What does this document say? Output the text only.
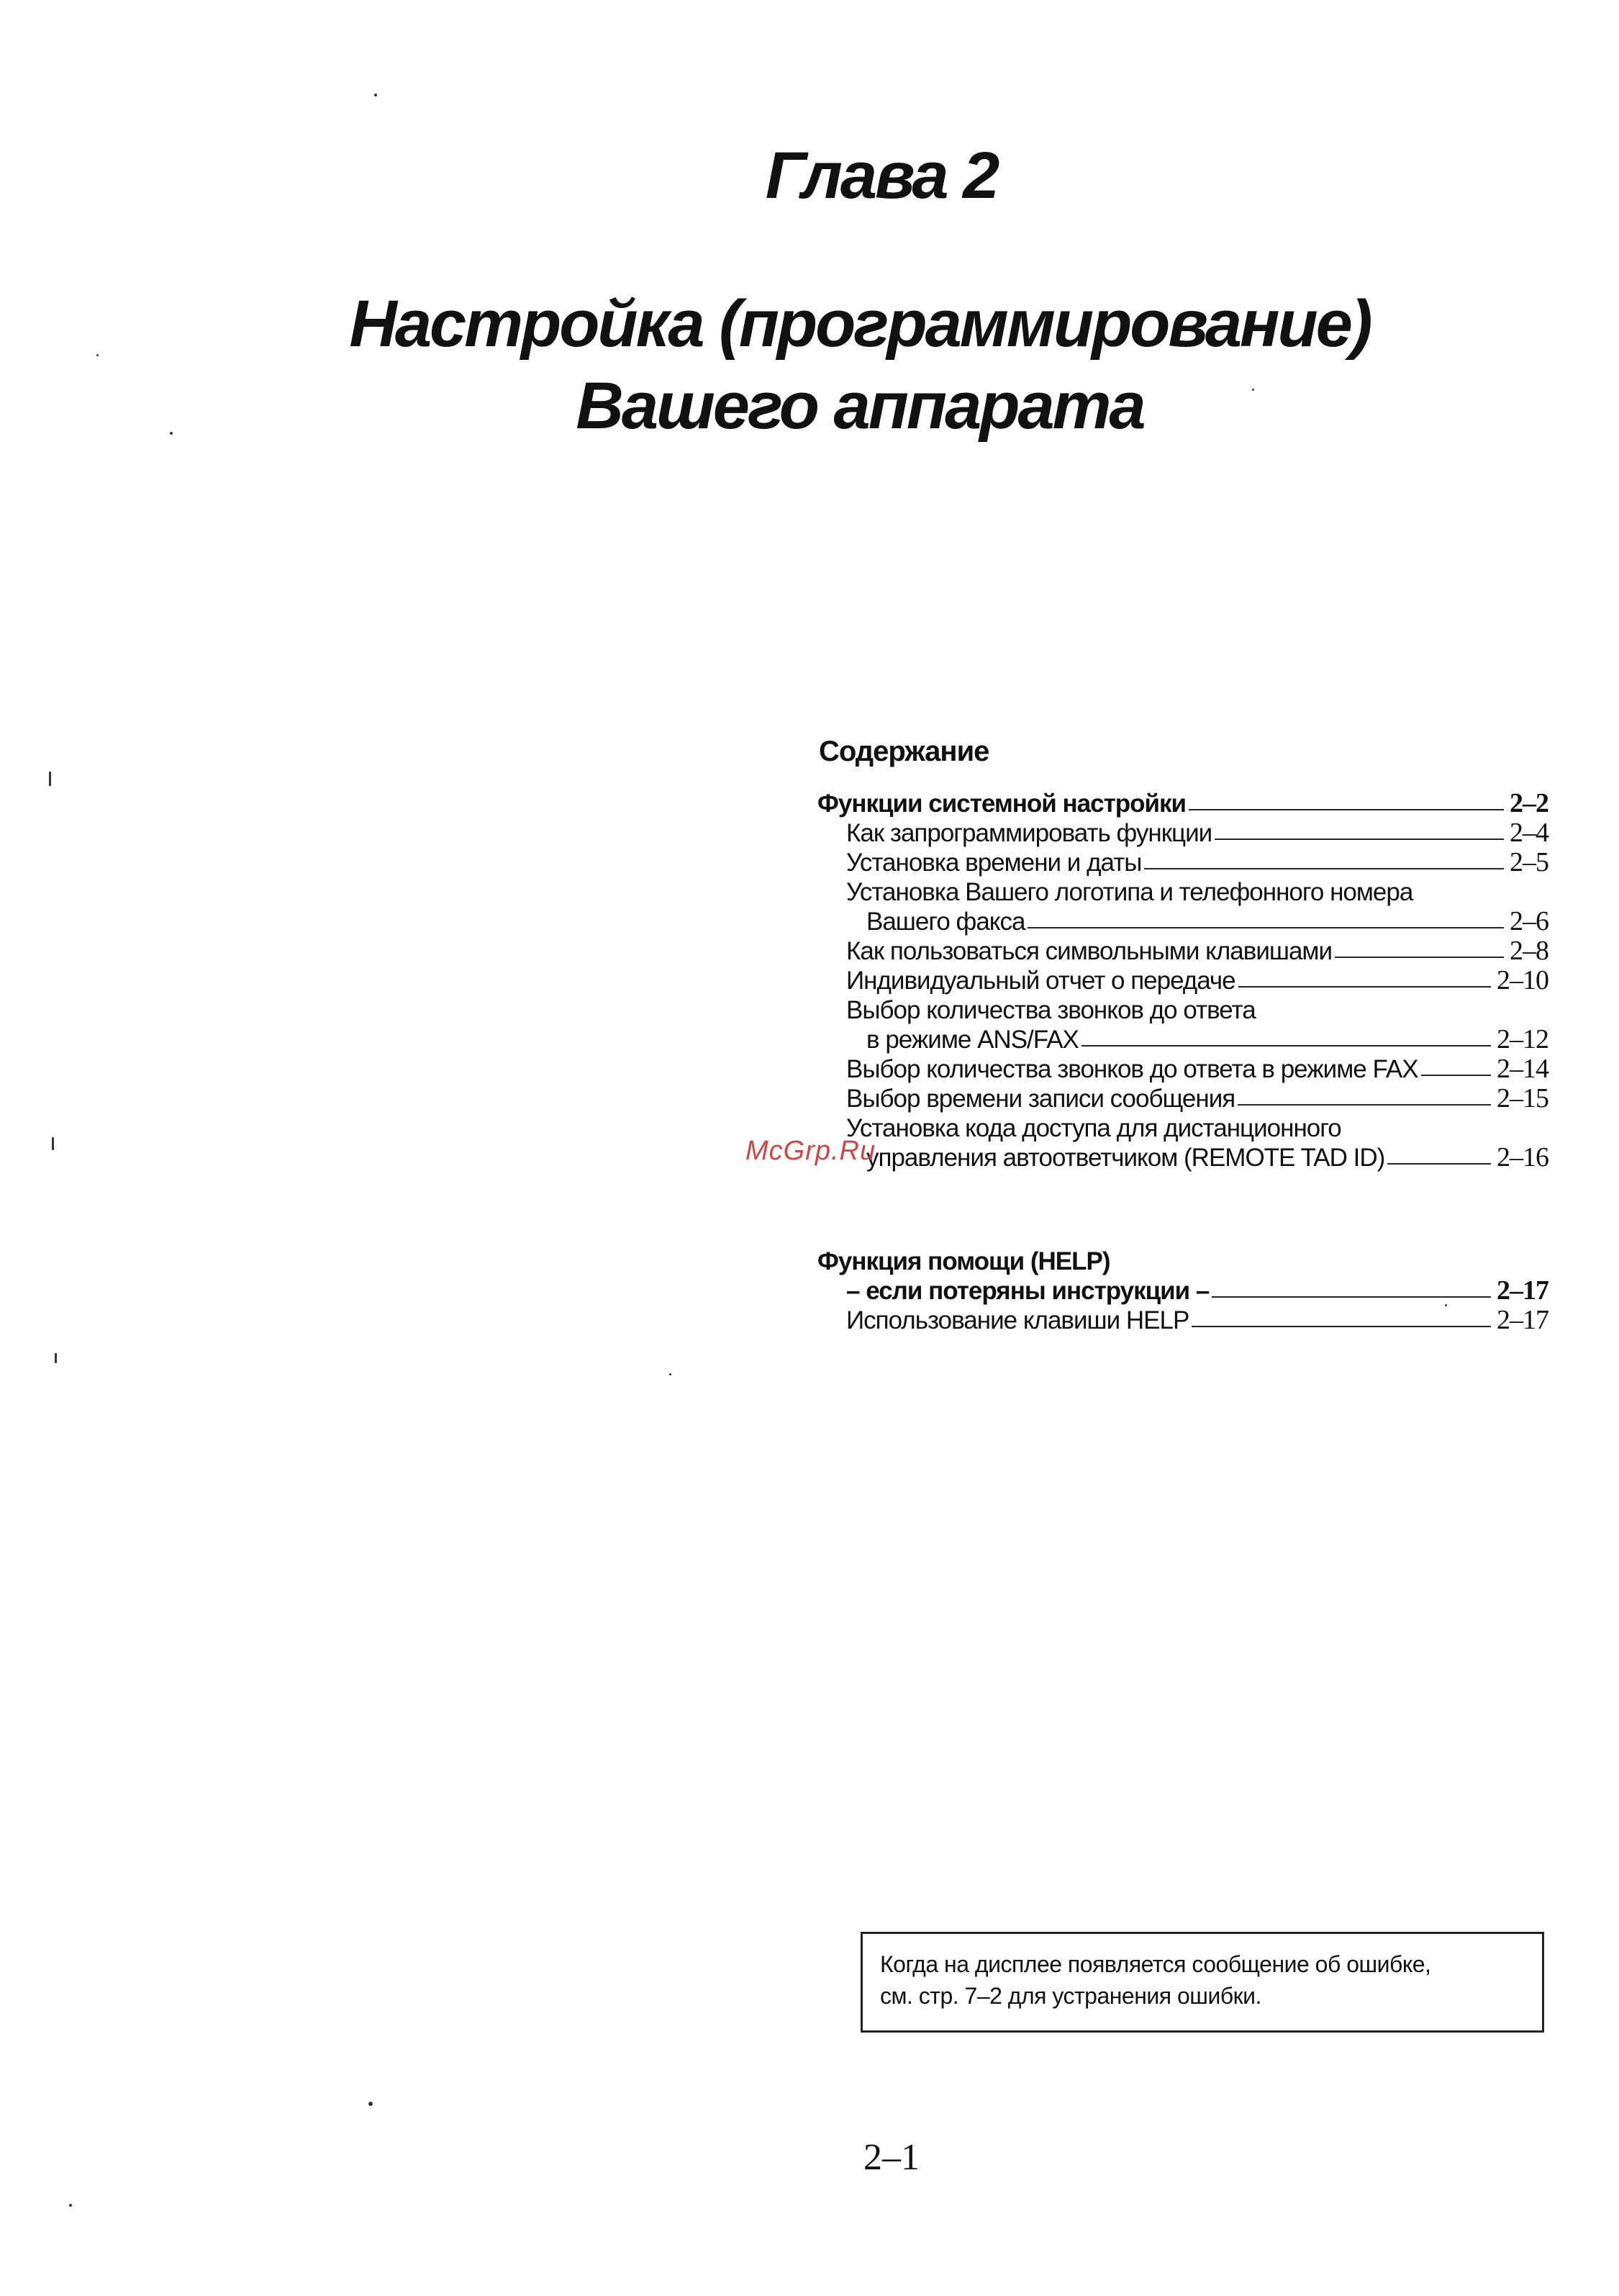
Глава 2
Настройка (программирование)
Вашего аппарата
Содержание
Функции системной настройки	2–2
Как запрограммировать функции	2–4
Установка времени и даты	2–5
Установка Вашего логотипа и телефонного номера
Вашего факса	2–6
Как пользоваться символьными клавишами	2–8
Индивидуальный отчет о передаче	2–10
Выбор количества звонков до ответа
в режиме ANS/FAX	2–12
Выбор количества звонков до ответа в режиме FAX	2–14
Выбор времени записи сообщения	2–15
Установка кода доступа для дистанционного
управления автоответчиком (REMOTE TAD ID)	2–16
Функция помощи (HELP)
– если потеряны инструкции –	2–17
Использование клавиши HELP	2–17
McGrp.Ru
Когда на дисплее появляется сообщение об ошибке,
см. стр. 7–2 для устранения ошибки.
2–1
